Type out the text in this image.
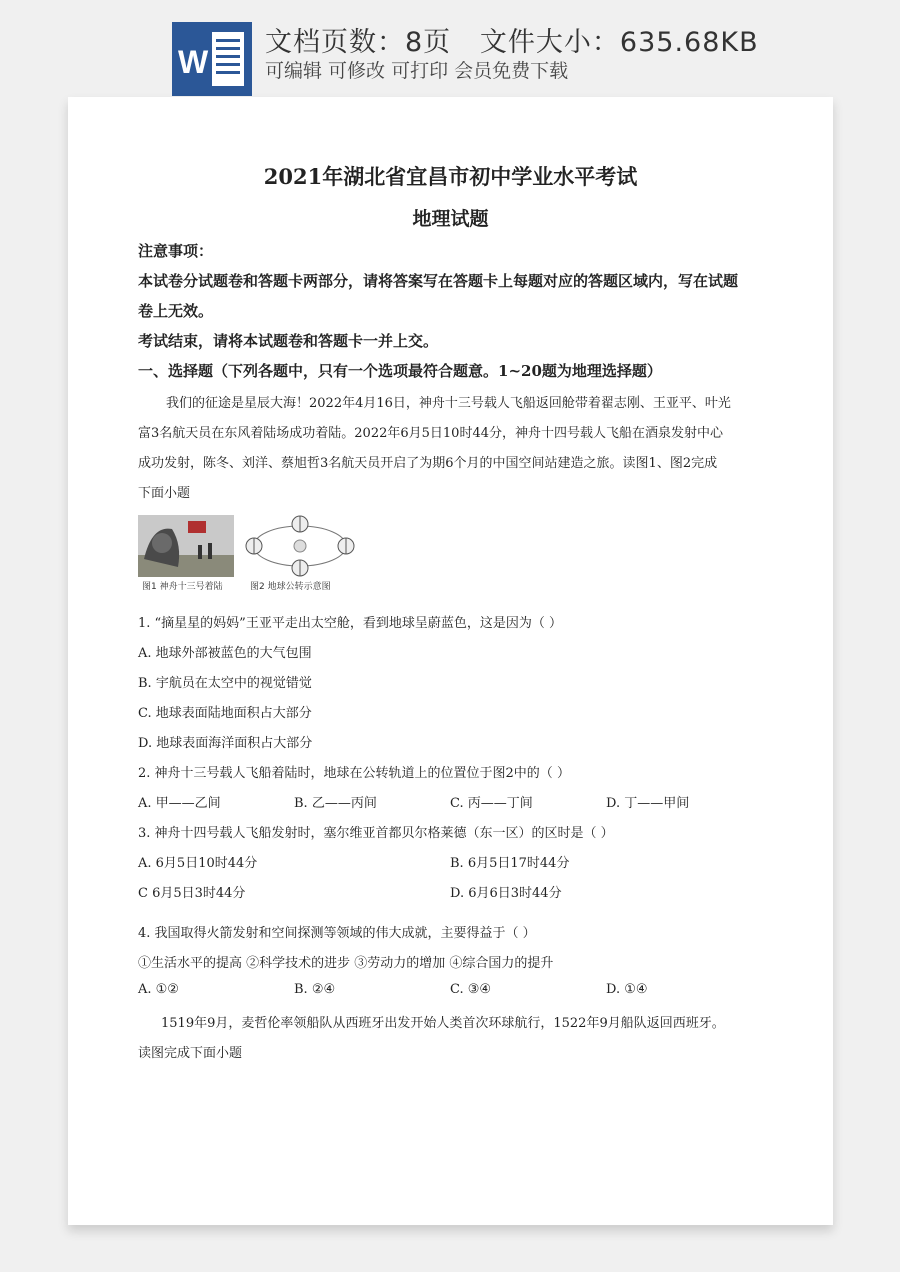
W
文档页数：8页   文件大小：635.68KB
可编辑 可修改 可打印 会员免费下载
2021年湖北省宜昌市初中学业水平考试
地理试题
注意事项：
本试卷分试题卷和答题卡两部分，请将答案写在答题卡上每题对应的答题区域内，写在试题
卷上无效。
考试结束，请将本试题卷和答题卡一并上交。
一、选择题（下列各题中，只有一个选项最符合题意。1~20题为地理选择题）
我们的征途是星辰大海！2022年4月16日，神舟十三号载人飞船返回舱带着翟志刚、王亚平、叶光
富3名航天员在东风着陆场成功着陆。2022年6月5日10时44分，神舟十四号载人飞船在酒泉发射中心
成功发射，陈冬、刘洋、蔡旭哲3名航天员开启了为期6个月的中国空间站建造之旅。读图1、图2完成
下面小题
图1 神舟十三号着陆	图2 地球公转示意图
1. “摘星星的妈妈”王亚平走出太空舱，看到地球呈蔚蓝色，这是因为（ ）
A. 地球外部被蓝色的大气包围
B. 宇航员在太空中的视觉错觉
C. 地球表面陆地面积占大部分
D. 地球表面海洋面积占大部分
2. 神舟十三号载人飞船着陆时，地球在公转轨道上的位置位于图2中的（ ）
A. 甲——乙间	B. 乙——丙间	C. 丙——丁间	D. 丁——甲间
3. 神舟十四号载人飞船发射时，塞尔维亚首都贝尔格莱德（东一区）的区时是（ ）
A. 6月5日10时44分	B. 6月5日17时44分
C 6月5日3时44分	D. 6月6日3时44分
4. 我国取得火箭发射和空间探测等领域的伟大成就，主要得益于（ ）
①生活水平的提高 ②科学技术的进步 ③劳动力的增加 ④综合国力的提升
A. ①②	B. ②④	C. ③④	D. ①④
1519年9月，麦哲伦率领船队从西班牙出发开始人类首次环球航行，1522年9月船队返回西班牙。
读图完成下面小题
